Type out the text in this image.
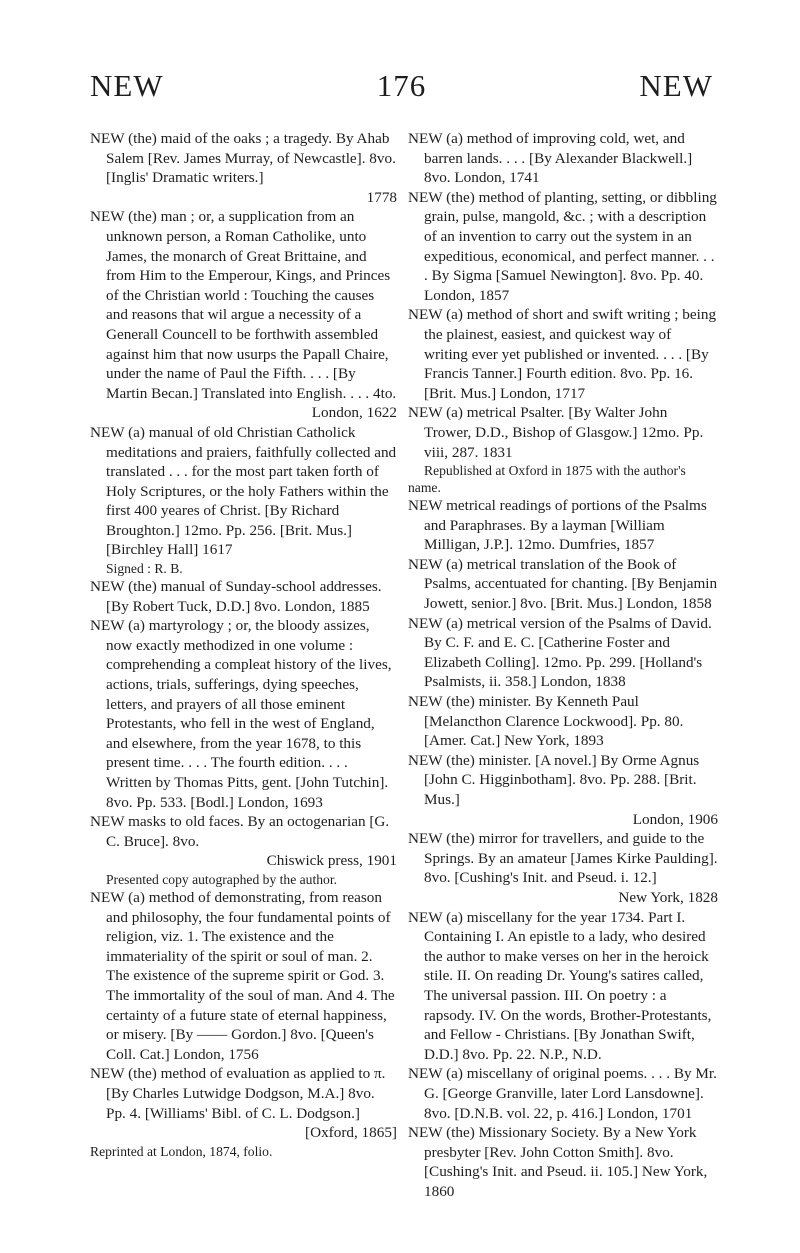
NEW	176	NEW
NEW (the) maid of the oaks ; a tragedy. By Ahab Salem [Rev. James Murray, of Newcastle]. 8vo. [Inglis' Dramatic writers.]
1778
NEW (the) man ; or, a supplication from an unknown person, a Roman Catholike, unto James, the monarch of Great Brittaine, and from Him to the Emperour, Kings, and Princes of the Christian world : Touching the causes and reasons that wil argue a necessity of a Generall Councell to be forthwith assembled against him that now usurps the Papall Chaire, under the name of Paul the Fifth. . . . [By Martin Becan.] Translated into English. . . . 4to.
London, 1622
NEW (a) manual of old Christian Catholick meditations and praiers, faithfully collected and translated . . . for the most part taken forth of Holy Scriptures, or the holy Fathers within the first 400 yeares of Christ. [By Richard Broughton.] 12mo. Pp. 256. [Brit. Mus.] [Birchley Hall] 1617
Signed : R. B.
NEW (the) manual of Sunday-school addresses. [By Robert Tuck, D.D.] 8vo. London, 1885
NEW (a) martyrology ; or, the bloody assizes, now exactly methodized in one volume : comprehending a compleat history of the lives, actions, trials, sufferings, dying speeches, letters, and prayers of all those eminent Protestants, who fell in the west of England, and elsewhere, from the year 1678, to this present time. . . . The fourth edition. . . . Written by Thomas Pitts, gent. [John Tutchin]. 8vo. Pp. 533. [Bodl.] London, 1693
NEW masks to old faces. By an octogenarian [G. C. Bruce]. 8vo.
Chiswick press, 1901
Presented copy autographed by the author.
NEW (a) method of demonstrating, from reason and philosophy, the four fundamental points of religion, viz. 1. The existence and the immateriality of the spirit or soul of man. 2. The existence of the supreme spirit or God. 3. The immortality of the soul of man. And 4. The certainty of a future state of eternal happiness, or misery. [By —— Gordon.] 8vo. [Queen's Coll. Cat.] London, 1756
NEW (the) method of evaluation as applied to π. [By Charles Lutwidge Dodgson, M.A.] 8vo. Pp. 4. [Williams' Bibl. of C. L. Dodgson.]
[Oxford, 1865]
Reprinted at London, 1874, folio.
NEW (a) method of improving cold, wet, and barren lands. . . . [By Alexander Blackwell.] 8vo. London, 1741
NEW (the) method of planting, setting, or dibbling grain, pulse, mangold, &c. ; with a description of an invention to carry out the system in an expeditious, economical, and perfect manner. . . . By Sigma [Samuel Newington]. 8vo. Pp. 40. London, 1857
NEW (a) method of short and swift writing ; being the plainest, easiest, and quickest way of writing ever yet published or invented. . . . [By Francis Tanner.] Fourth edition. 8vo. Pp. 16. [Brit. Mus.] London, 1717
NEW (a) metrical Psalter. [By Walter John Trower, D.D., Bishop of Glasgow.] 12mo. Pp. viii, 287. 1831
Republished at Oxford in 1875 with the author's name.
NEW metrical readings of portions of the Psalms and Paraphrases. By a layman [William Milligan, J.P.]. 12mo. Dumfries, 1857
NEW (a) metrical translation of the Book of Psalms, accentuated for chanting. [By Benjamin Jowett, senior.] 8vo. [Brit. Mus.] London, 1858
NEW (a) metrical version of the Psalms of David. By C. F. and E. C. [Catherine Foster and Elizabeth Colling]. 12mo. Pp. 299. [Holland's Psalmists, ii. 358.] London, 1838
NEW (the) minister. By Kenneth Paul [Melancthon Clarence Lockwood]. Pp. 80. [Amer. Cat.] New York, 1893
NEW (the) minister. [A novel.] By Orme Agnus [John C. Higginbotham]. 8vo. Pp. 288. [Brit. Mus.]
London, 1906
NEW (the) mirror for travellers, and guide to the Springs. By an amateur [James Kirke Paulding]. 8vo. [Cushing's Init. and Pseud. i. 12.]
New York, 1828
NEW (a) miscellany for the year 1734. Part I. Containing I. An epistle to a lady, who desired the author to make verses on her in the heroick stile. II. On reading Dr. Young's satires called, The universal passion. III. On poetry : a rapsody. IV. On the words, Brother-Protestants, and Fellow - Christians. [By Jonathan Swift, D.D.] 8vo. Pp. 22. N.P., N.D.
NEW (a) miscellany of original poems. . . . By Mr. G. [George Granville, later Lord Lansdowne]. 8vo. [D.N.B. vol. 22, p. 416.] London, 1701
NEW (the) Missionary Society. By a New York presbyter [Rev. John Cotton Smith]. 8vo. [Cushing's Init. and Pseud. ii. 105.] New York, 1860
